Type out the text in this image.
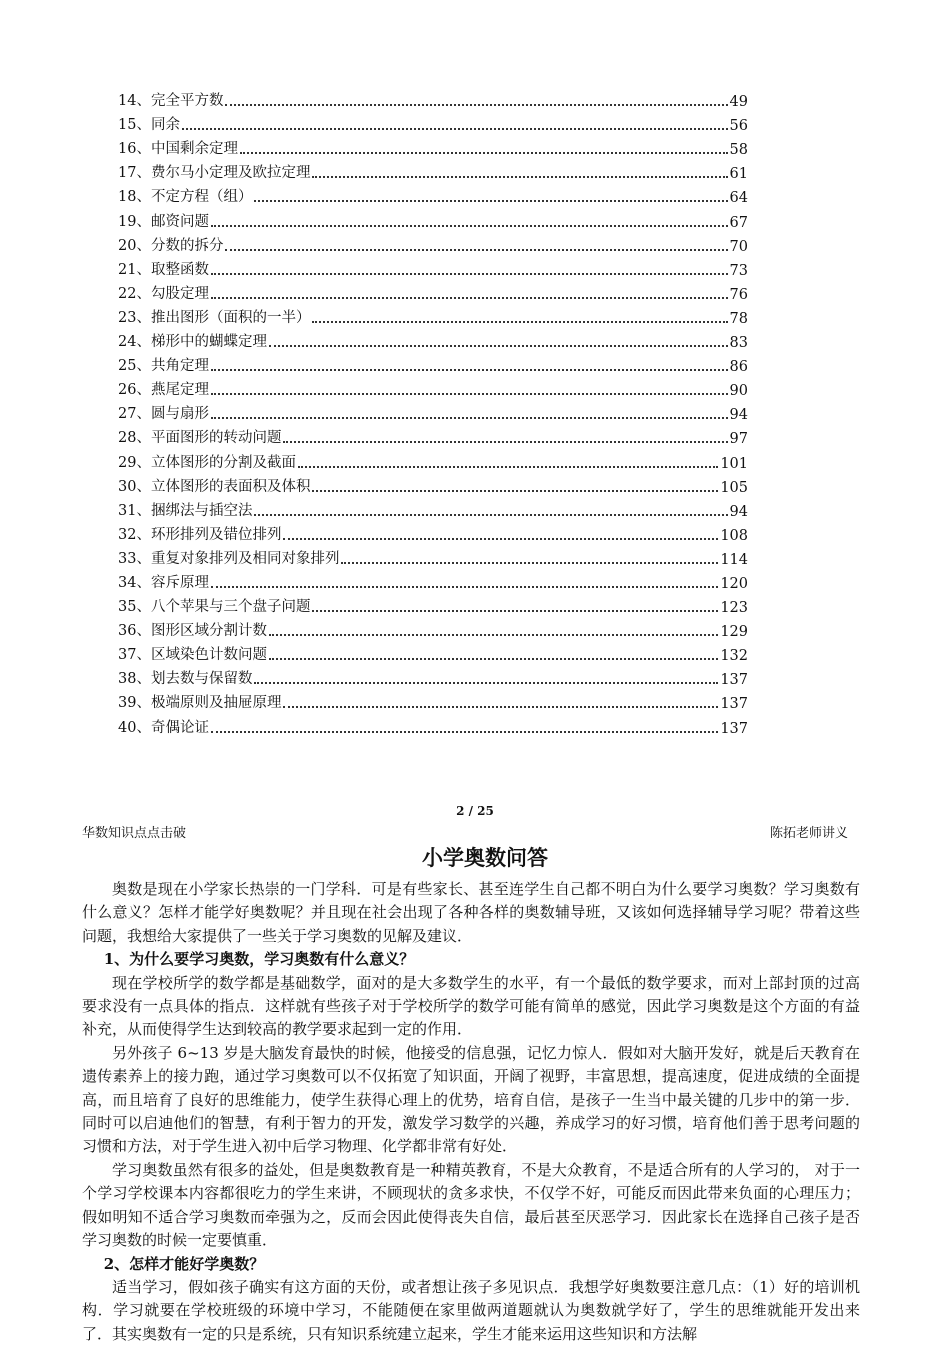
14、完全平方数	49
15、同余	56
16、中国剩余定理	58
17、费尔马小定理及欧拉定理	61
18、不定方程（组）	64
19、邮资问题	67
20、分数的拆分	70
21、取整函数	73
22、勾股定理	76
23、推出图形（面积的一半）	78
24、梯形中的蝴蝶定理	83
25、共角定理	86
26、燕尾定理	90
27、圆与扇形	94
28、平面图形的转动问题	97
29、立体图形的分割及截面	101
30、立体图形的表面积及体积	105
31、捆绑法与插空法	94
32、环形排列及错位排列	108
33、重复对象排列及相同对象排列	114
34、容斥原理	120
35、八个苹果与三个盘子问题	123
36、图形区域分割计数	129
37、区域染色计数问题	132
38、划去数与保留数	137
39、极端原则及抽屉原理	137
40、奇偶论证	137
2 / 25
华数知识点点击破	陈拓老师讲义
小学奥数问答

奥数是现在小学家长热崇的一门学科．可是有些家长、甚至连学生自己都不明白为什么要学习奥数？学习奥数有什么意义？怎样才能学好奥数呢？并且现在社会出现了各种各样的奥数辅导班，又该如何选择辅导学习呢？带着这些问题，我想给大家提供了一些关于学习奥数的见解及建议．

1、为什么要学习奥数，学习奥数有什么意义？

现在学校所学的数学都是基础数学，面对的是大多数学生的水平，有一个最低的数学要求，而对上部封顶的过高要求没有一点具体的指点．这样就有些孩子对于学校所学的数学可能有简单的感觉，因此学习奥数是这个方面的有益补充，从而使得学生达到较高的教学要求起到一定的作用．

另外孩子 6~13 岁是大脑发育最快的时候，他接受的信息强，记忆力惊人．假如对大脑开发好，就是后天教育在遗传素养上的接力跑，通过学习奥数可以不仅拓宽了知识面，开阔了视野，丰富思想，提高速度，促进成绩的全面提高，而且培育了良好的思维能力，使学生获得心理上的优势，培育自信，是孩子一生当中最关键的几步中的第一步．同时可以启迪他们的智慧，有利于智力的开发，激发学习数学的兴趣，养成学习的好习惯，培育他们善于思考问题的习惯和方法，对于学生进入初中后学习物理、化学都非常有好处．

学习奥数虽然有很多的益处，但是奥数教育是一种精英教育，不是大众教育，不是适合所有的人学习的， 对于一个学习学校课本内容都很吃力的学生来讲，不顾现状的贪多求快，不仅学不好，可能反而因此带来负面的心理压力；假如明知不适合学习奥数而牵强为之，反而会因此使得丧失自信，最后甚至厌恶学习．因此家长在选择自己孩子是否学习奥数的时候一定要慎重．

2、怎样才能好学奥数？

适当学习，假如孩子确实有这方面的天份，或者想让孩子多见识点．我想学好奥数要注意几点：（1）好的培训机构．学习就要在学校班级的环境中学习，不能随便在家里做两道题就认为奥数就学好了，学生的思维就能开发出来了．其实奥数有一定的只是系统，只有知识系统建立起来，学生才能来运用这些知识和方法解
